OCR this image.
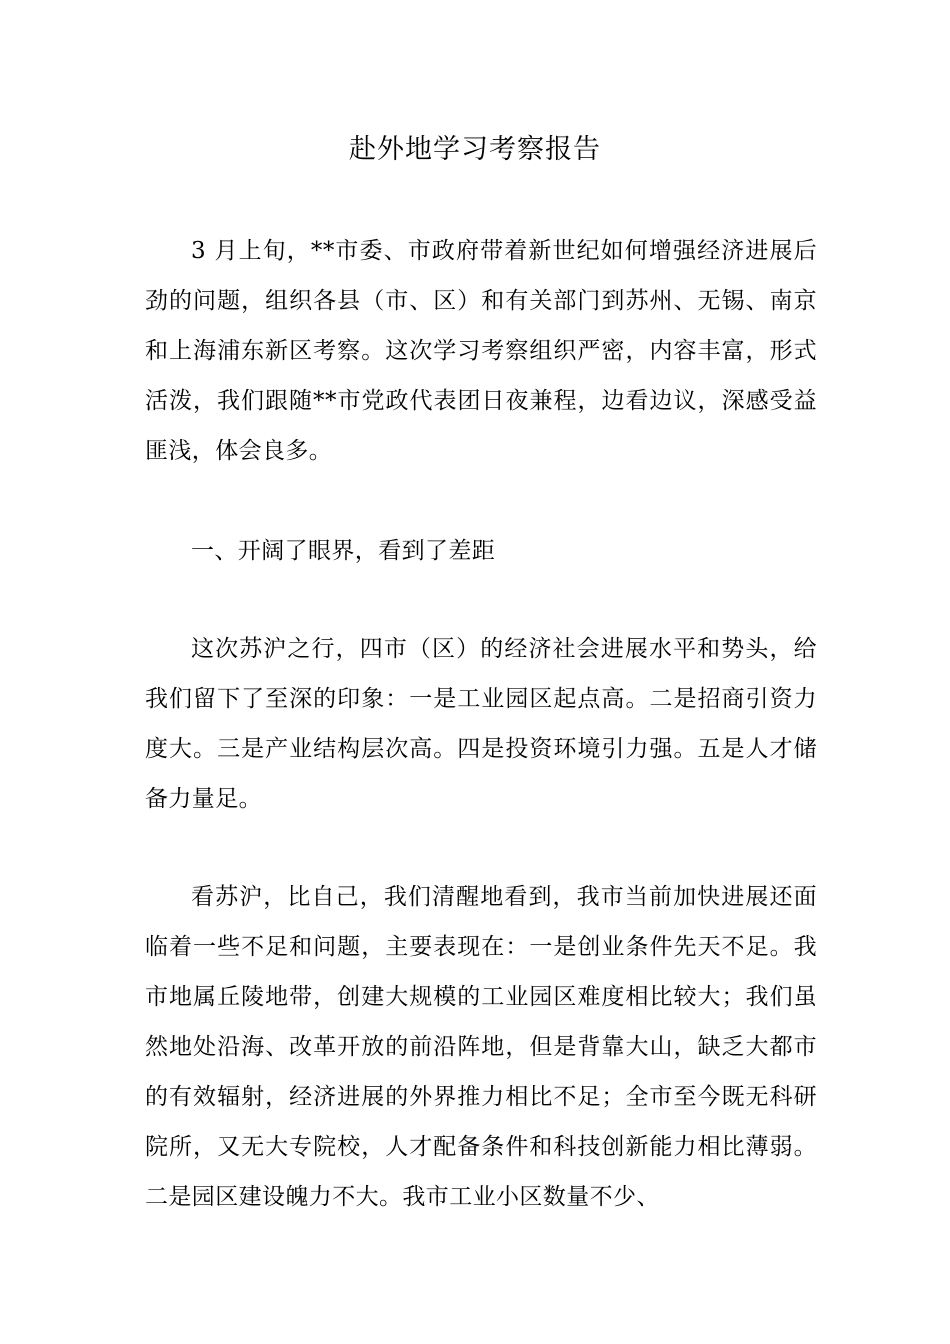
赴外地学习考察报告

3 月上旬，**市委、市政府带着新世纪如何增强经济进展后劲的问题，组织各县（市、区）和有关部门到苏州、无锡、南京和上海浦东新区考察。这次学习考察组织严密，内容丰富，形式活泼，我们跟随**市党政代表团日夜兼程，边看边议，深感受益匪浅，体会良多。

一、开阔了眼界，看到了差距

这次苏沪之行，四市（区）的经济社会进展水平和势头，给我们留下了至深的印象：一是工业园区起点高。二是招商引资力度大。三是产业结构层次高。四是投资环境引力强。五是人才储备力量足。

看苏沪，比自己，我们清醒地看到，我市当前加快进展还面临着一些不足和问题，主要表现在：一是创业条件先天不足。我市地属丘陵地带，创建大规模的工业园区难度相比较大；我们虽然地处沿海、改革开放的前沿阵地，但是背靠大山，缺乏大都市的有效辐射，经济进展的外界推力相比不足；全市至今既无科研院所，又无大专院校，人才配备条件和科技创新能力相比薄弱。二是园区建设魄力不大。我市工业小区数量不少、
